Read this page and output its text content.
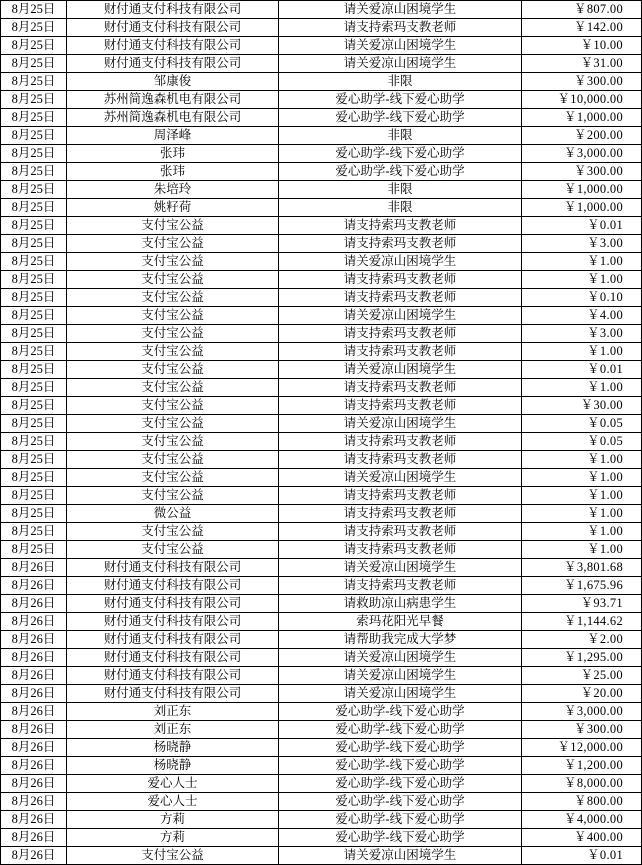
8月25日	财付通支付科技有限公司	请关爱凉山困境学生	￥807.00
8月25日	财付通支付科技有限公司	请支持索玛支教老师	￥142.00
8月25日	财付通支付科技有限公司	请关爱凉山困境学生	￥10.00
8月25日	财付通支付科技有限公司	请关爱凉山困境学生	￥31.00
8月25日	邹康俊	非限	￥300.00
8月25日	苏州简逸森机电有限公司	爱心助学-线下爱心助学	￥10,000.00
8月25日	苏州简逸森机电有限公司	爱心助学-线下爱心助学	￥1,000.00
8月25日	周泽峰	非限	￥200.00
8月25日	张玮	爱心助学-线下爱心助学	￥3,000.00
8月25日	张玮	爱心助学-线下爱心助学	￥300.00
8月25日	朱培玲	非限	￥1,000.00
8月25日	姚籽荷	非限	￥1,000.00
8月25日	支付宝公益	请支持索玛支教老师	￥0.01
8月25日	支付宝公益	请支持索玛支教老师	￥3.00
8月25日	支付宝公益	请关爱凉山困境学生	￥1.00
8月25日	支付宝公益	请支持索玛支教老师	￥1.00
8月25日	支付宝公益	请支持索玛支教老师	￥0.10
8月25日	支付宝公益	请关爱凉山困境学生	￥4.00
8月25日	支付宝公益	请支持索玛支教老师	￥3.00
8月25日	支付宝公益	请支持索玛支教老师	￥1.00
8月25日	支付宝公益	请关爱凉山困境学生	￥0.01
8月25日	支付宝公益	请支持索玛支教老师	￥1.00
8月25日	支付宝公益	请支持索玛支教老师	￥30.00
8月25日	支付宝公益	请关爱凉山困境学生	￥0.05
8月25日	支付宝公益	请支持索玛支教老师	￥0.05
8月25日	支付宝公益	请支持索玛支教老师	￥1.00
8月25日	支付宝公益	请关爱凉山困境学生	￥1.00
8月25日	支付宝公益	请支持索玛支教老师	￥1.00
8月25日	微公益	请支持索玛支教老师	￥1.00
8月25日	支付宝公益	请支持索玛支教老师	￥1.00
8月25日	支付宝公益	请支持索玛支教老师	￥1.00
8月26日	财付通支付科技有限公司	请关爱凉山困境学生	￥3,801.68
8月26日	财付通支付科技有限公司	请支持索玛支教老师	￥1,675.96
8月26日	财付通支付科技有限公司	请救助凉山病患学生	￥93.71
8月26日	财付通支付科技有限公司	索玛花阳光早餐	￥1,144.62
8月26日	财付通支付科技有限公司	请帮助我完成大学梦	￥2.00
8月26日	财付通支付科技有限公司	请关爱凉山困境学生	￥1,295.00
8月26日	财付通支付科技有限公司	请关爱凉山困境学生	￥25.00
8月26日	财付通支付科技有限公司	请关爱凉山困境学生	￥20.00
8月26日	刘正东	爱心助学-线下爱心助学	￥3,000.00
8月26日	刘正东	爱心助学-线下爱心助学	￥300.00
8月26日	杨晓静	爱心助学-线下爱心助学	￥12,000.00
8月26日	杨晓静	爱心助学-线下爱心助学	￥1,200.00
8月26日	爱心人士	爱心助学-线下爱心助学	￥8,000.00
8月26日	爱心人士	爱心助学-线下爱心助学	￥800.00
8月26日	方莉	爱心助学-线下爱心助学	￥4,000.00
8月26日	方莉	爱心助学-线下爱心助学	￥400.00
8月26日	支付宝公益	请关爱凉山困境学生	￥0.01
